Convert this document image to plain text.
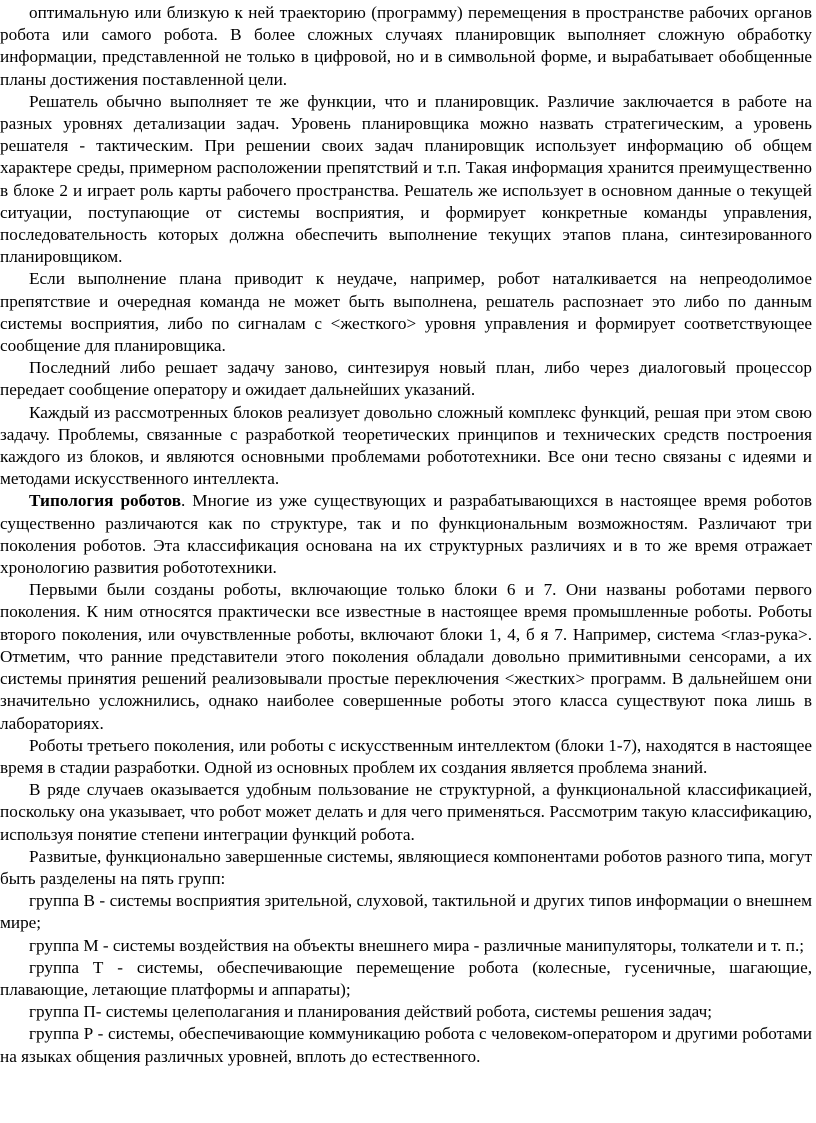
оптимальную или близкую к ней траекторию (программу) перемещения в пространстве рабочих органов робота или самого робота. В более сложных случаях планировщик выполняет сложную обработку информации, представленной не только в цифровой, но и в символьной форме, и вырабатывает обобщенные планы достижения поставленной цели.

Решатель обычно выполняет те же функции, что и планировщик. Различие заключается в работе на разных уровнях детализации задач. Уровень планировщика можно назвать стратегическим, а уровень решателя - тактическим. При решении своих задач планировщик использует информацию об общем характере среды, примерном расположении препятствий и т.п. Такая информация хранится преимущественно в блоке 2 и играет роль карты рабочего пространства. Решатель же использует в основном данные о текущей ситуации, поступающие от системы восприятия, и формирует конкретные команды управления, последовательность которых должна обеспечить выполнение текущих этапов плана, синтезированного планировщиком.

Если выполнение плана приводит к неудаче, например, робот наталкивается на непреодолимое препятствие и очередная команда не может быть выполнена, решатель распознает это либо по данным системы восприятия, либо по сигналам с <жесткого> уровня управления и формирует соответствующее сообщение для планировщика.

Последний либо решает задачу заново, синтезируя новый план, либо через диалоговый процессор передает сообщение оператору и ожидает дальнейших указаний.

Каждый из рассмотренных блоков реализует довольно сложный комплекс функций, решая при этом свою задачу. Проблемы, связанные с разработкой теоретических принципов и технических средств построения каждого из блоков, и являются основными проблемами робототехники. Все они тесно связаны с идеями и методами искусственного интеллекта.

Типология роботов. Многие из уже существующих и разрабатывающихся в настоящее время роботов существенно различаются как по структуре, так и по функциональным возможностям. Различают три поколения роботов. Эта классификация основана на их структурных различиях и в то же время отражает хронологию развития робототехники.

Первыми были созданы роботы, включающие только блоки 6 и 7. Они названы роботами первого поколения. К ним относятся практически все известные в настоящее время промышленные роботы. Роботы второго поколения, или очувствленные роботы, включают блоки 1, 4, б я 7. Например, система <глаз-рука>. Отметим, что ранние представители этого поколения обладали довольно примитивными сенсорами, а их системы принятия решений реализовывали простые переключения <жестких> программ. В дальнейшем они значительно усложнились, однако наиболее совершенные роботы этого класса существуют пока лишь в лабораториях.

Роботы третьего поколения, или роботы с искусственным интеллектом (блоки 1-7), находятся в настоящее время в стадии разработки. Одной из основных проблем их создания является проблема знаний.

В ряде случаев оказывается удобным пользование не структурной, а функциональной классификацией, поскольку она указывает, что робот может делать и для чего применяться. Рассмотрим такую классификацию, используя понятие степени интеграции функций робота.

Развитые, функционально завершенные системы, являющиеся компонентами роботов разного типа, могут быть разделены на пять групп:

группа В - системы восприятия зрительной, слуховой, тактильной и других типов информации о внешнем мире;

группа М - системы воздействия на объекты внешнего мира - различные манипуляторы, толкатели и т. п.;

группа Т - системы, обеспечивающие перемещение робота (колесные, гусеничные, шагающие, плавающие, летающие платформы и аппараты);

группа П- системы целеполагания и планирования действий робота, системы решения задач;

группа Р - системы, обеспечивающие коммуникацию робота с человеком-оператором и другими роботами на языках общения различных уровней, вплоть до естественного.
